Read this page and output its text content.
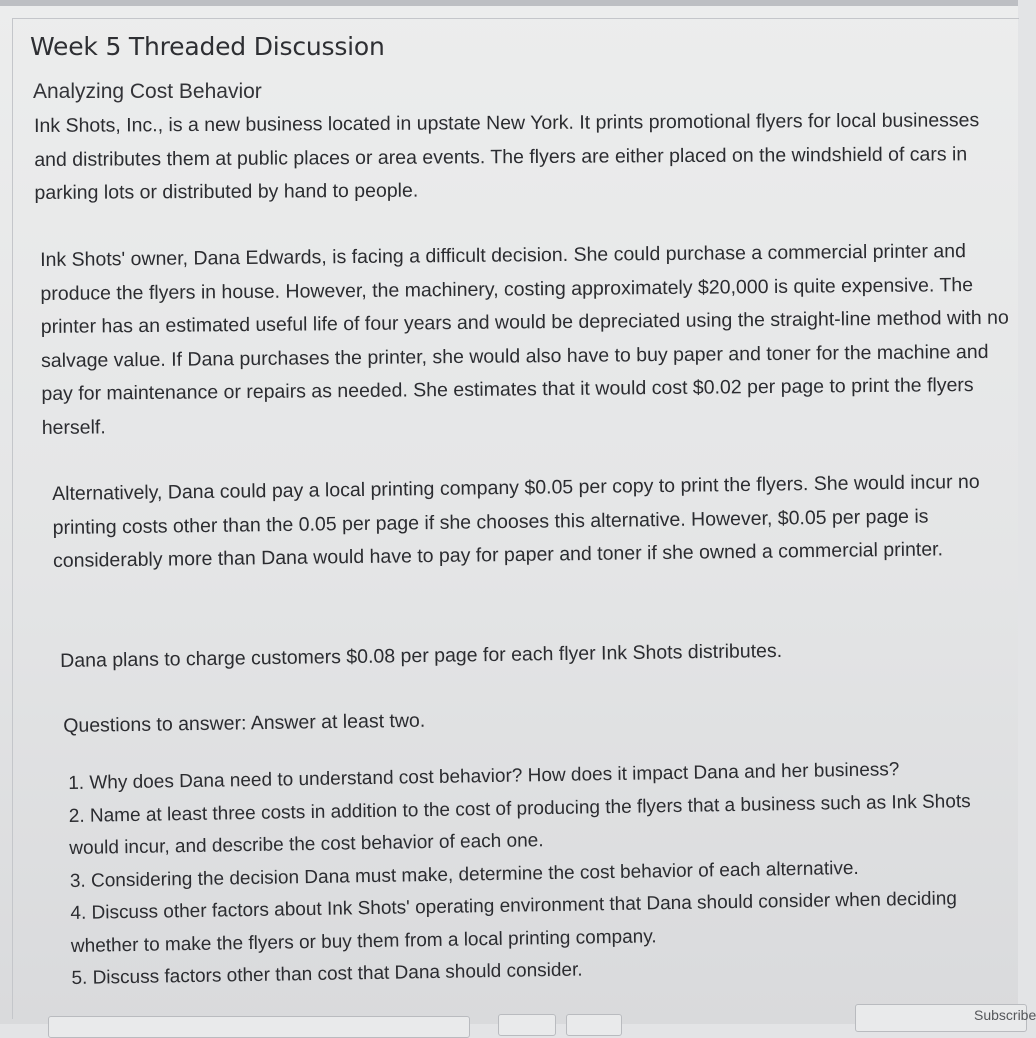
Week 5 Threaded Discussion
Analyzing Cost Behavior

Ink Shots, Inc., is a new business located in upstate New York. It prints promotional flyers for local businesses and distributes them at public places or area events. The flyers are either placed on the windshield of cars in parking lots or distributed by hand to people.

Ink Shots' owner, Dana Edwards, is facing a difficult decision. She could purchase a commercial printer and produce the flyers in house. However, the machinery, costing approximately $20,000 is quite expensive. The printer has an estimated useful life of four years and would be depreciated using the straight-line method with no salvage value. If Dana purchases the printer, she would also have to buy paper and toner for the machine and pay for maintenance or repairs as needed. She estimates that it would cost $0.02 per page to print the flyers herself.

Alternatively, Dana could pay a local printing company $0.05 per copy to print the flyers. She would incur no printing costs other than the 0.05 per page if she chooses this alternative. However, $0.05 per page is considerably more than Dana would have to pay for paper and toner if she owned a commercial printer.

Dana plans to charge customers $0.08 per page for each flyer Ink Shots distributes.

Questions to answer: Answer at least two.

1. Why does Dana need to understand cost behavior? How does it impact Dana and her business?
2. Name at least three costs in addition to the cost of producing the flyers that a business such as Ink Shots would incur, and describe the cost behavior of each one.
3. Considering the decision Dana must make, determine the cost behavior of each alternative.
4. Discuss other factors about Ink Shots' operating environment that Dana should consider when deciding whether to make the flyers or buy them from a local printing company.
5. Discuss factors other than cost that Dana should consider.
Subscribe
